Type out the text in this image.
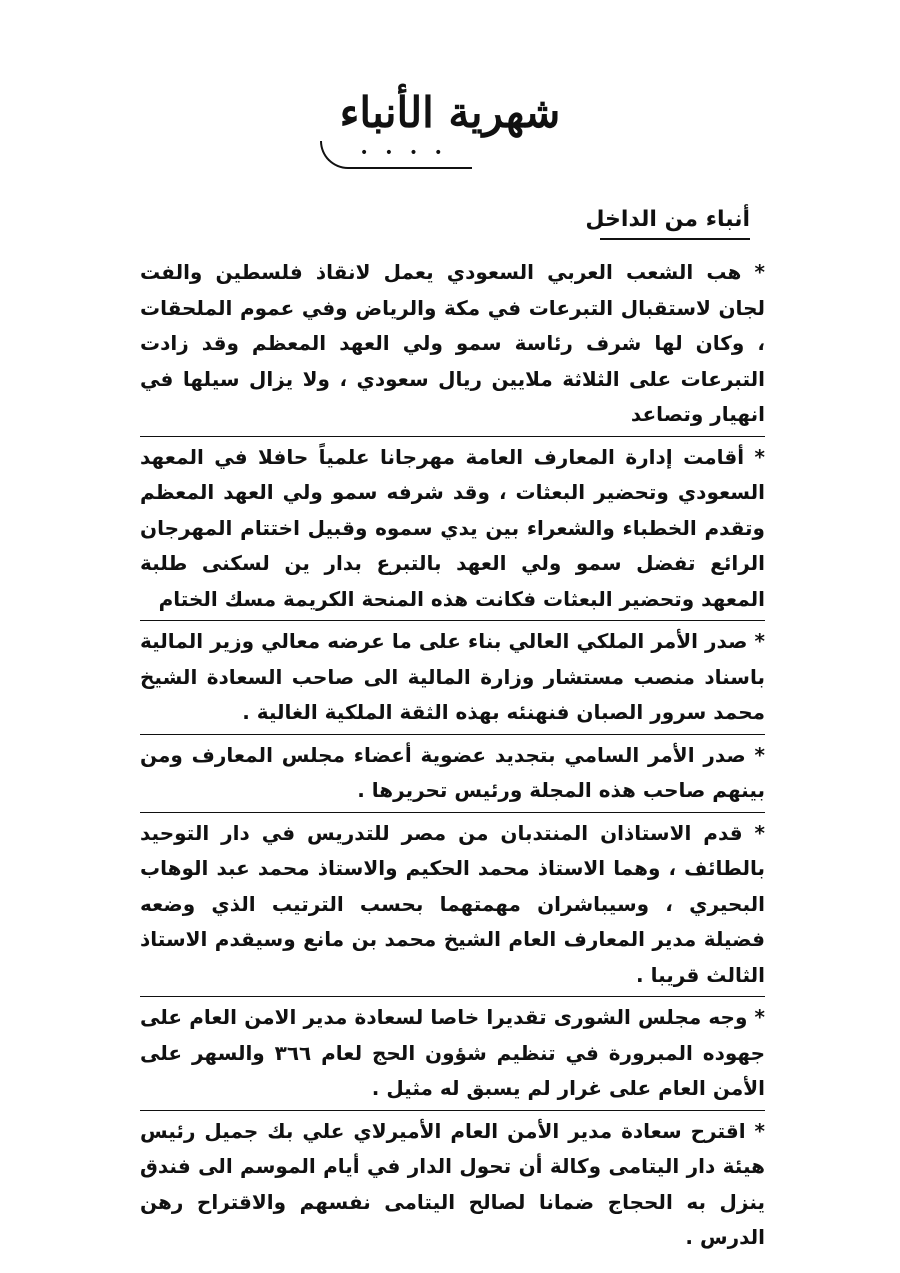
شهرية الأنباء
• • • •
أنباء من الداخل

* هب الشعب العربي السعودي يعمل لانقاذ فلسطين والفت لجان لاستقبال التبرعات في مكة والرياض وفي عموم الملحقات ، وكان لها شرف رئاسة سمو ولي العهد المعظم وقد زادت التبرعات على الثلاثة ملايين ريال سعودي ، ولا يزال سيلها في انهيار وتصاعد

* أقامت إدارة المعارف العامة مهرجانا علمياً حافلا في المعهد السعودي وتحضير البعثات ، وقد شرفه سمو ولي العهد المعظم وتقدم الخطباء والشعراء بين يدي سموه وقبيل اختتام المهرجان الرائع تفضل سمو ولي العهد بالتبرع بدار ين لسكنى طلبة المعهد وتحضير البعثات فكانت هذه المنحة الكريمة مسك الختام

* صدر الأمر الملكي العالي بناء على ما عرضه معالي وزير المالية باسناد منصب مستشار وزارة المالية الى صاحب السعادة الشيخ محمد سرور الصبان فنهنئه بهذه الثقة الملكية الغالية .

* صدر الأمر السامي بتجديد عضوية أعضاء مجلس المعارف ومن بينهم صاحب هذه المجلة ورئيس تحريرها .

* قدم الاستاذان المنتدبان من مصر للتدريس في دار التوحيد بالطائف ، وهما الاستاذ محمد الحكيم والاستاذ محمد عبد الوهاب البحيري ، وسيباشران مهمتهما بحسب الترتيب الذي وضعه فضيلة مدير المعارف العام الشيخ محمد بن مانع وسيقدم الاستاذ الثالث قريبا .

* وجه مجلس الشورى تقديرا خاصا لسعادة مدير الامن العام على جهوده المبرورة في تنظيم شؤون الحج لعام ٣٦٦ والسهر على الأمن العام على غرار لم يسبق له مثيل .

* اقترح سعادة مدير الأمن العام الأميرلاي علي بك جميل رئيس هيئة دار اليتامى وكالة أن تحول الدار في أيام الموسم الى فندق ينزل به الحجاج ضمانا لصالح اليتامى نفسهم والاقتراح رهن الدرس .
